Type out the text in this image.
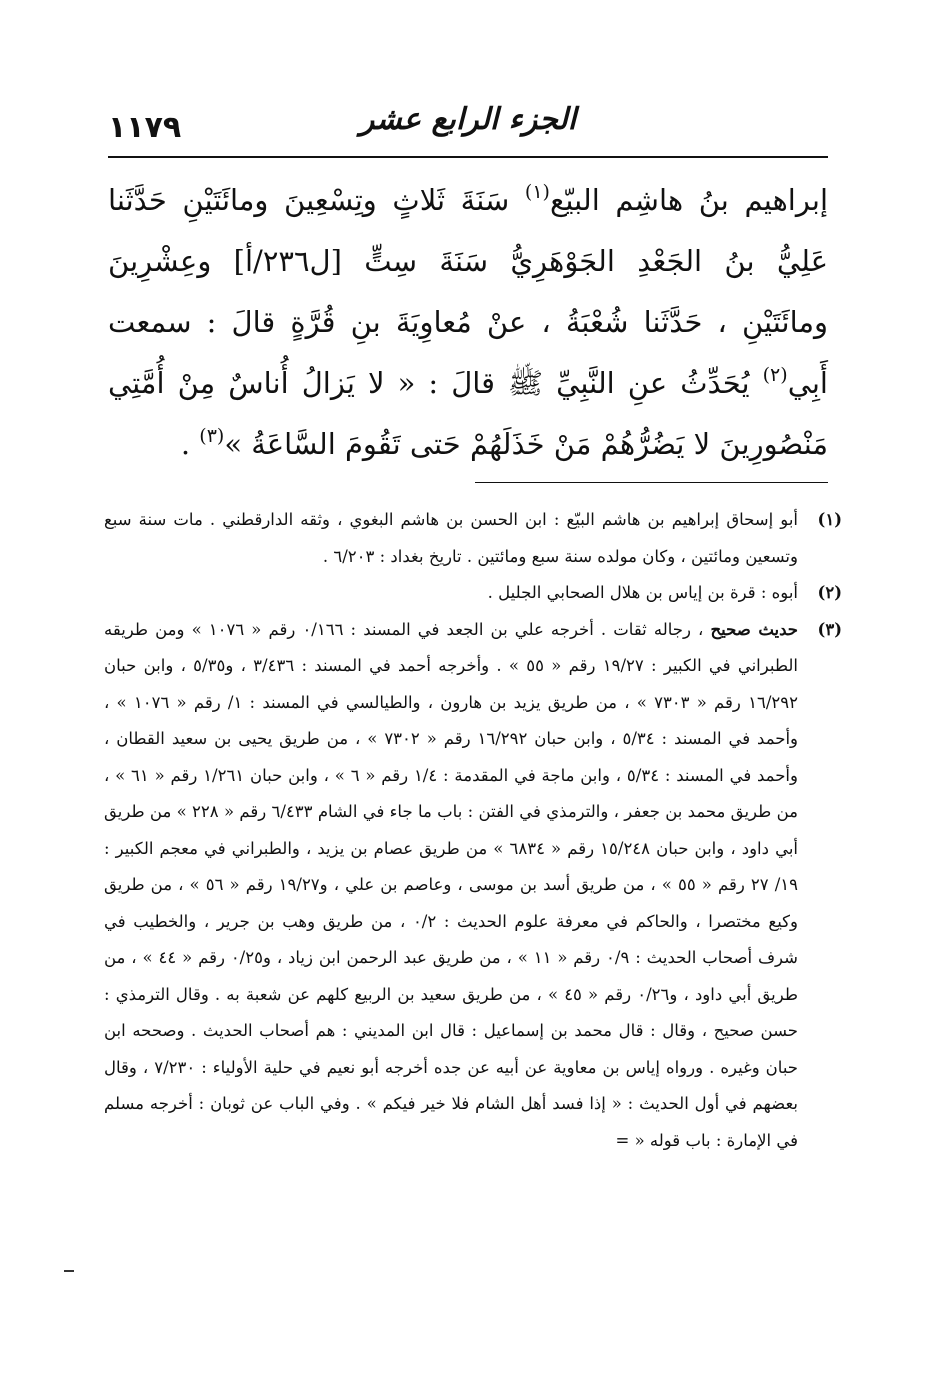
١١٧٩	الجزء الرابع عشر

إبراهيم بنُ هاشِم البيّع$^{(١)}$ سَنَةَ ثَلاثٍ وتِسْعِينَ ومائَتَيْنِ حَدَّثَنا عَلِيُّ بنُ الجَعْدِ الجَوْهَرِيُّ سَنَةَ سِتٍّ [ل٢٣٦/أ] وعِشْرِينَ ومائَتَيْنِ ، حَدَّثَنا شُعْبَةُ ، عنْ مُعاوِيَةَ بنِ قُرَّةٍ قالَ : سمعت أَبِي$^{(٢)}$ يُحَدِّثُ عنِ النَّبِيِّ ﷺ قالَ : « لا يَزالُ أُناسٌ مِنْ أُمَّتِي مَنْصُورِينَ لا يَضُرُّهُمْ مَنْ خَذَلَهُمْ حَتى تَقُومَ السَّاعَةُ »$^{(٣)}$ .

(١)
أبو إسحاق إبراهيم بن هاشم البيّع : ابن الحسن بن هاشم البغوي ، وثقه الدارقطني . مات سنة سبع وتسعين ومائتين ، وكان مولده سنة سبع ومائتين . تاريخ بغداد : ٦/٢٠٣ .
(٢)
أبوه : قرة بن إياس بن هلال الصحابي الجليل .
(٣)
حديث صحيح ، رجاله ثقات . أخرجه علي بن الجعد في المسند : ٠/١٦٦ رقم « ١٠٧٦ » ومن طريقه الطبراني في الكبير : ١٩/٢٧ رقم « ٥٥ » . وأخرجه أحمد في المسند : ٣/٤٣٦ ، و٥/٣٥ ، وابن حبان ١٦/٢٩٢ رقم « ٧٣٠٣ » ، من طريق يزيد بن هارون ، والطيالسي في المسند : ١/ رقم « ١٠٧٦ » ، وأحمد في المسند : ٥/٣٤ ، وابن حبان ١٦/٢٩٢ رقم « ٧٣٠٢ » ، من طريق يحيى بن سعيد القطان ، وأحمد في المسند : ٥/٣٤ ، وابن ماجة في المقدمة : ١/٤ رقم « ٦ » ، وابن حبان ١/٢٦١ رقم « ٦١ » ، من طريق محمد بن جعفر ، والترمذي في الفتن : باب ما جاء في الشام ٦/٤٣٣ رقم « ٢٢٨ » من طريق أبي داود ، وابن حبان ١٥/٢٤٨ رقم « ٦٨٣٤ » من طريق عصام بن يزيد ، والطبراني في معجم الكبير : ١٩/ ٢٧ رقم « ٥٥ » ، من طريق أسد بن موسى ، وعاصم بن علي ، و١٩/٢٧ رقم « ٥٦ » ، من طريق وكيع مختصرا ، والحاكم في معرفة علوم الحديث : ٠/٢ ، من طريق وهب بن جرير ، والخطيب في شرف أصحاب الحديث : ٠/٩ رقم « ١١ » ، من طريق عبد الرحمن ابن زياد ، و٠/٢٥ رقم « ٤٤ » ، من طريق أبي داود ، و٠/٢٦ رقم « ٤٥ » ، من طريق سعيد بن الربيع كلهم عن شعبة به . وقال الترمذي : حسن صحيح ، وقال : قال محمد بن إسماعيل : قال ابن المديني : هم أصحاب الحديث . وصححه ابن حبان وغيره . ورواه إياس بن معاوية عن أبيه عن جده أخرجه أبو نعيم في حلية الأولياء : ٧/٢٣٠ ، وقال بعضهم في أول الحديث : « إذا فسد أهل الشام فلا خير فيكم » . وفي الباب عن ثوبان : أخرجه مسلم في الإمارة : باب قوله « =
